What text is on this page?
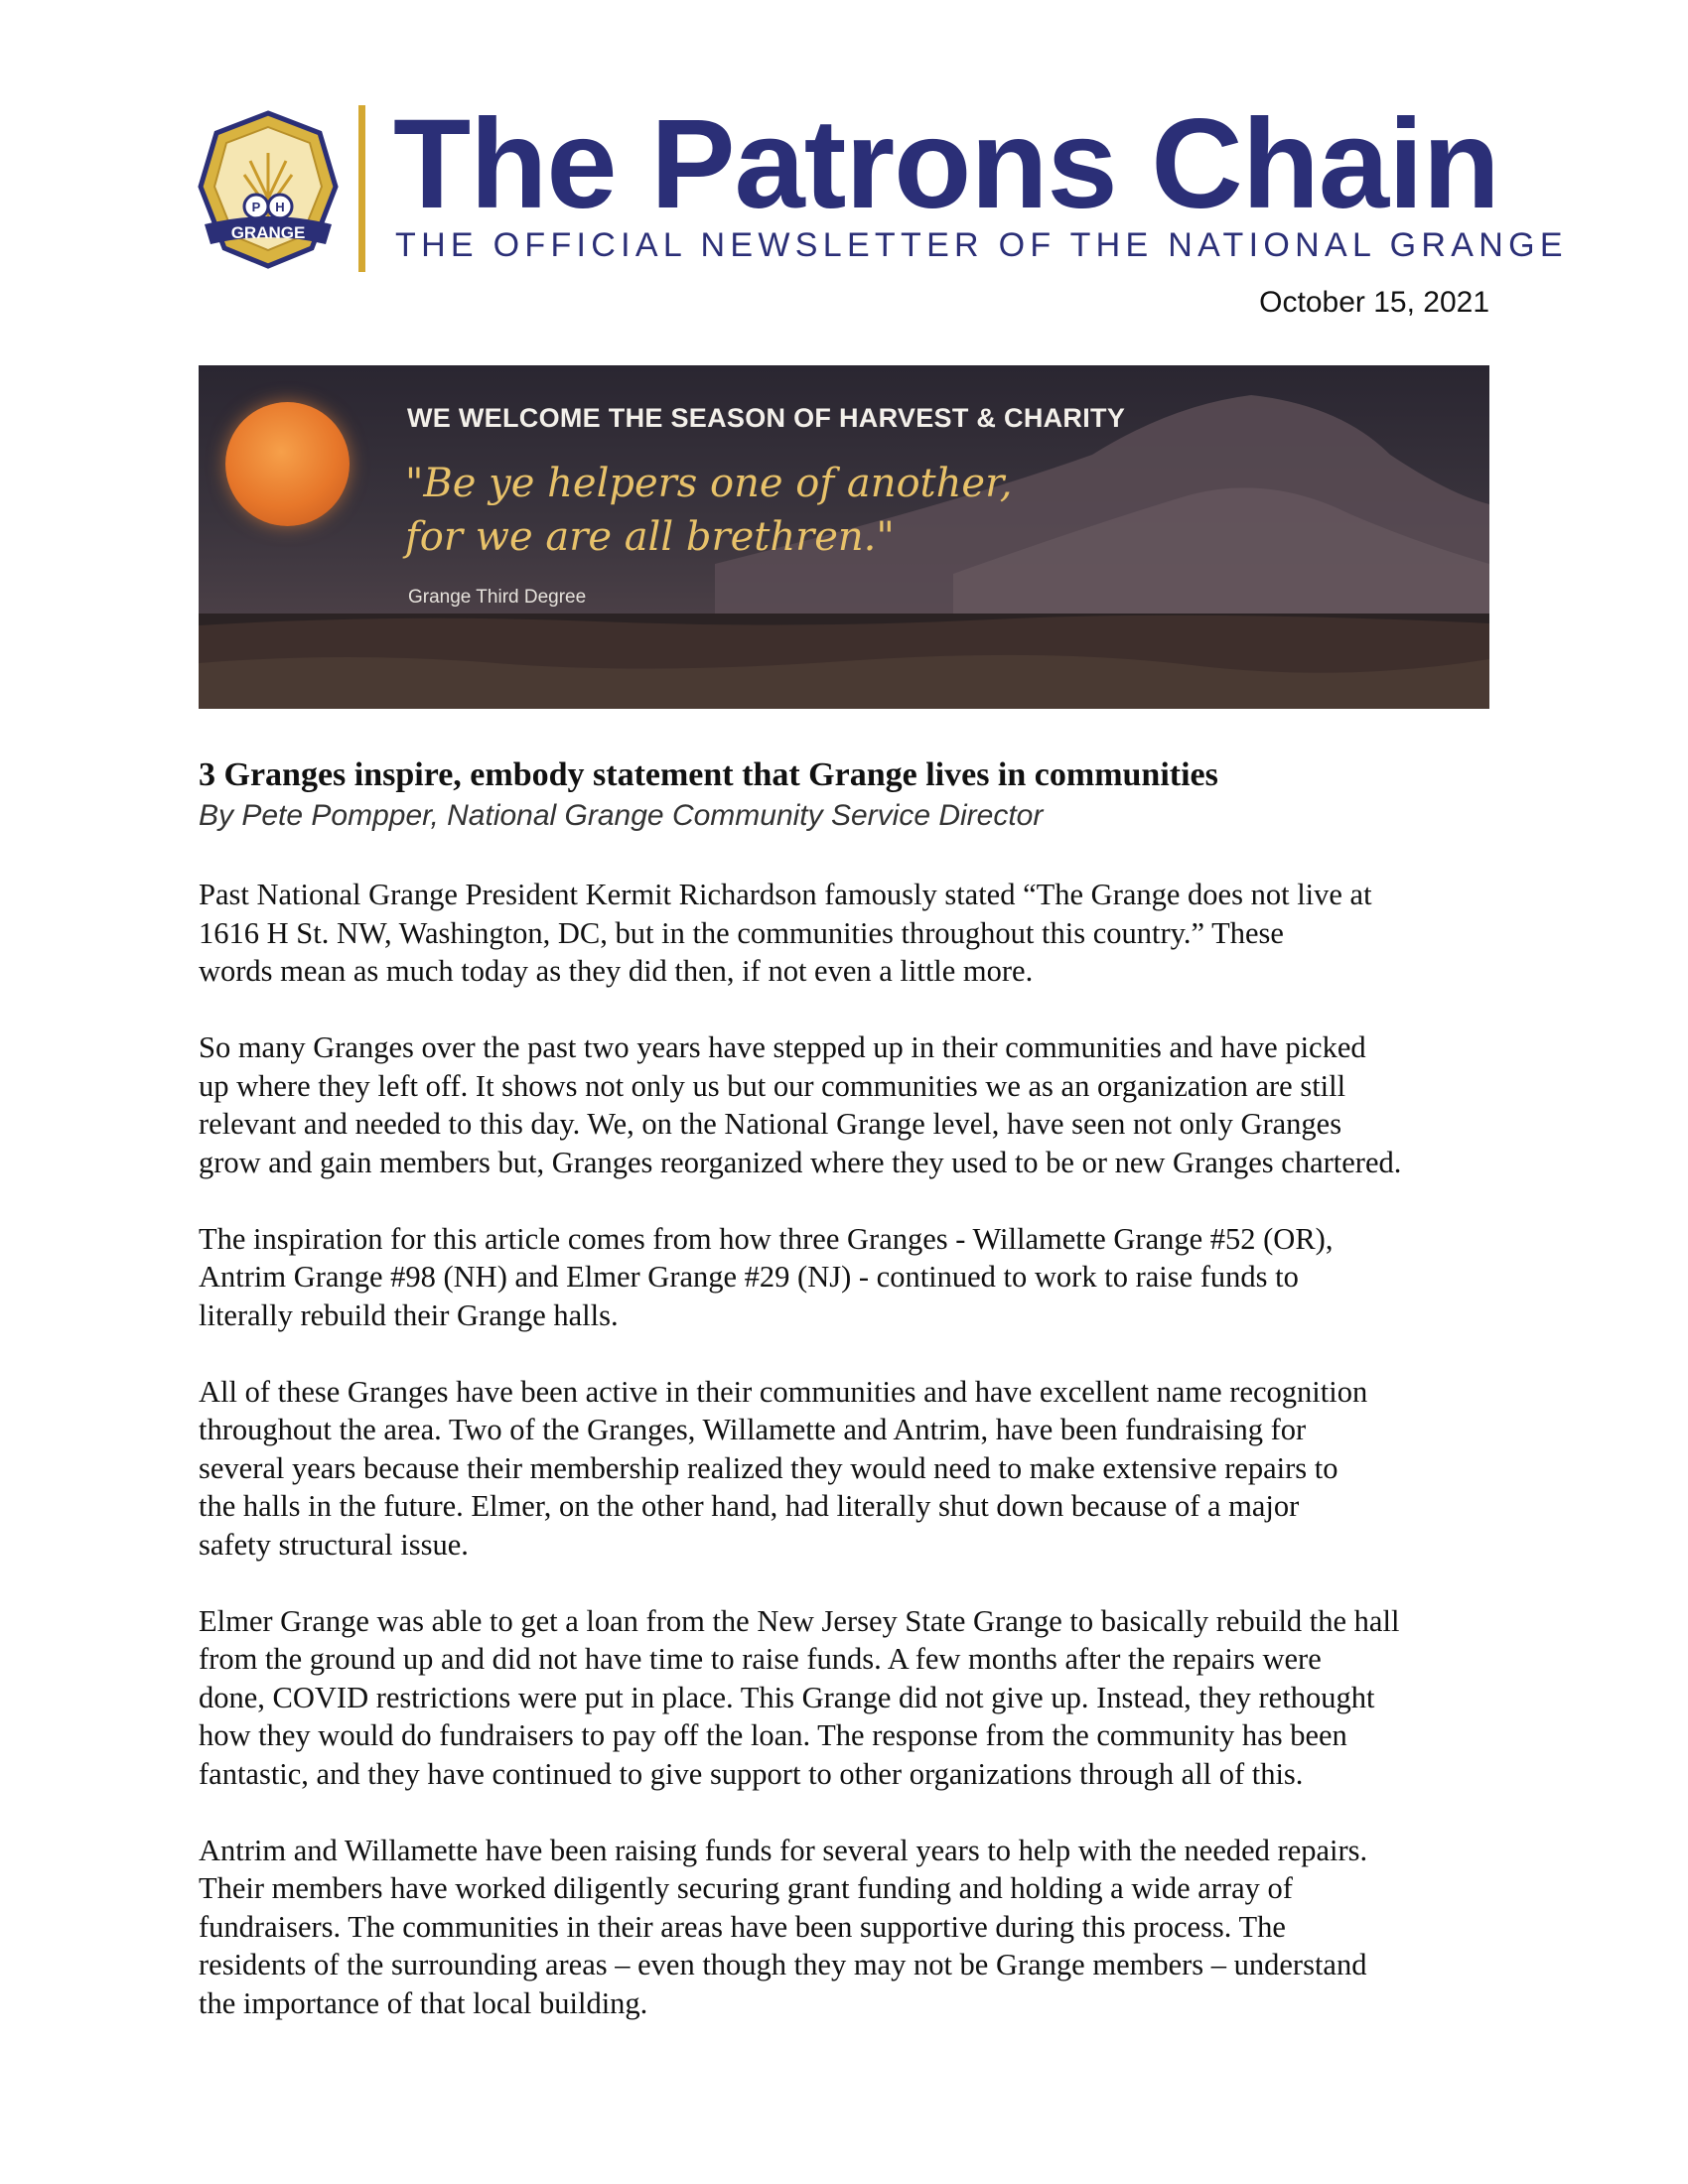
P H
GRANGE The Patrons Chain
THE OFFICIAL NEWSLETTER OF THE NATIONAL GRANGE
October 15, 2021
WE WELCOME THE SEASON OF HARVEST & CHARITY
"Be ye helpers one of another,
for we are all brethren."
Grange Third Degree
3 Granges inspire, embody statement that Grange lives in communities
By Pete Pompper, National Grange Community Service Director

Past National Grange President Kermit Richardson famously stated “The Grange does not live at
1616 H St. NW, Washington, DC, but in the communities throughout this country.” These
words mean as much today as they did then, if not even a little more.

So many Granges over the past two years have stepped up in their communities and have picked
up where they left off. It shows not only us but our communities we as an organization are still
relevant and needed to this day. We, on the National Grange level, have seen not only Granges
grow and gain members but, Granges reorganized where they used to be or new Granges chartered.

The inspiration for this article comes from how three Granges - Willamette Grange #52 (OR),
Antrim Grange #98 (NH) and Elmer Grange #29 (NJ) - continued to work to raise funds to
literally rebuild their Grange halls.

All of these Granges have been active in their communities and have excellent name recognition
throughout the area. Two of the Granges, Willamette and Antrim, have been fundraising for
several years because their membership realized they would need to make extensive repairs to
the halls in the future. Elmer, on the other hand, had literally shut down because of a major
safety structural issue.

Elmer Grange was able to get a loan from the New Jersey State Grange to basically rebuild the hall
from the ground up and did not have time to raise funds. A few months after the repairs were
done, COVID restrictions were put in place. This Grange did not give up. Instead, they rethought
how they would do fundraisers to pay off the loan. The response from the community has been
fantastic, and they have continued to give support to other organizations through all of this.

Antrim and Willamette have been raising funds for several years to help with the needed repairs.
Their members have worked diligently securing grant funding and holding a wide array of
fundraisers. The communities in their areas have been supportive during this process. The
residents of the surrounding areas – even though they may not be Grange members – understand
the importance of that local building.
